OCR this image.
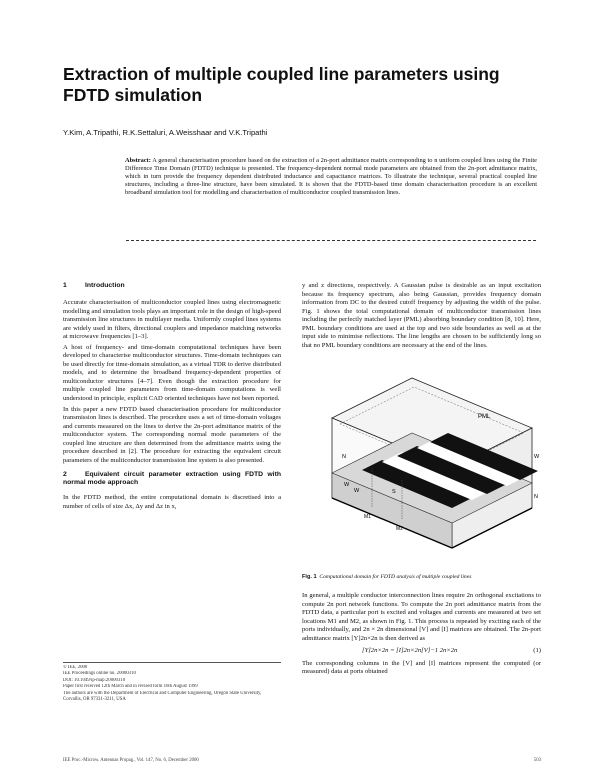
Extraction of multiple coupled line parameters using FDTD simulation
Y.Kim, A.Tripathi, R.K.Settaluri, A.Weisshaar and V.K.Tripathi

Abstract: A general characterisation procedure based on the extraction of a 2n-port admittance matrix corresponding to n uniform coupled lines using the Finite Difference Time Domain (FDTD) technique is presented. The frequency-dependent normal mode parameters are obtained from the 2n-port admittance matrix, which in turn provide the frequency dependent distributed inductance and capacitance matrices. To illustrate the technique, several practical coupled line structures, including a three-line structure, have been simulated. It is shown that the FDTD-based time domain characterisation procedure is an excellent broadband simulation tool for modelling and characterisation of multiconductor coupled transmission lines.

1	Introduction

Accurate characterisation of multiconductor coupled lines using electromagnetic modelling and simulation tools plays an important role in the design of high-speed transmission line structures in multilayer media. Uniformly coupled lines systems are widely used in filters, directional couplers and impedance matching networks at microwave frequencies [1–3].

A host of frequency- and time-domain computational techniques have been developed to characterise multiconductor structures. Time-domain techniques can be used directly for time-domain simulation, as a virtual TDR to derive distributed models, and to determine the broadband frequency-dependent properties of multiconductor structures [4–7]. Even though the extraction procedure for multiple coupled line parameters from time-domain computations is well understood in principle, explicit CAD oriented techniques have not been reported.

In this paper a new FDTD based characterisation procedure for multiconductor transmission lines is described. The procedure uses a set of time-domain voltages and currents measured on the lines to derive the 2n-port admittance matrix of the multiconductor system. The corresponding normal mode parameters of the coupled line structure are then determined from the admittance matrix using the procedure described in [2]. The procedure for extracting the equivalent circuit parameters of the multiconductor transmission line system is also presented.

2	Equivalent circuit parameter extraction using FDTD with normal mode approach

In the FDTD method, the entire computational domain is discretised into a number of cells of size Δx, Δy and Δz in x,

© IEE, 2000
IEE Proceedings online no. 20000310
DOI: 10.1049/ip-map:20000310
Paper first received 12th March and in revised form 16th August 1999
The authors are with the Department of Electrical and Computer Engineering, Oregon State University, Corvallis, OR 97331-3211, USA

y and z directions, respectively. A Gaussian pulse is desirable as an input excitation because its frequency spectrum, also being Gaussian, provides frequency domain information from DC to the desired cutoff frequency by adjusting the width of the pulse. Fig. 1 shows the total computational domain of multiconductor transmission lines including the perfectly matched layer (PML) absorbing boundary condition [8, 10]. Here, PML boundary conditions are used at the top and two side boundaries as well as at the input side to minimise reflections. The line lengths are chosen to be sufficiently long so that no PML boundary conditions are necessary at the end of the lines.

PML
W
N
N
W
W	S
M1
M2
Fig. 1 Computational domain for FDTD analysis of multiple coupled lines

In general, a multiple conductor interconnection lines require 2n orthogonal excitations to compute 2n port network functions. To compute the 2n port admittance matrix from the FDTD data, a particular port is excited and voltages and currents are measured at two set locations M1 and M2, as shown in Fig. 1. This process is repeated by exciting each of the ports individually, and 2n × 2n dimensional [V] and [I] matrices are obtained. The 2n-port admittance matrix [Y]2n×2n is then derived as

[Y]2n×2n = [I]2n×2n[V]−1 2n×2n	(1)

The corresponding columns in the [V] and [I] matrices represent the computed (or measured) data at ports obtained

IEE Proc.-Microw. Antennas Propag., Vol. 147, No. 6, December 2000	503
